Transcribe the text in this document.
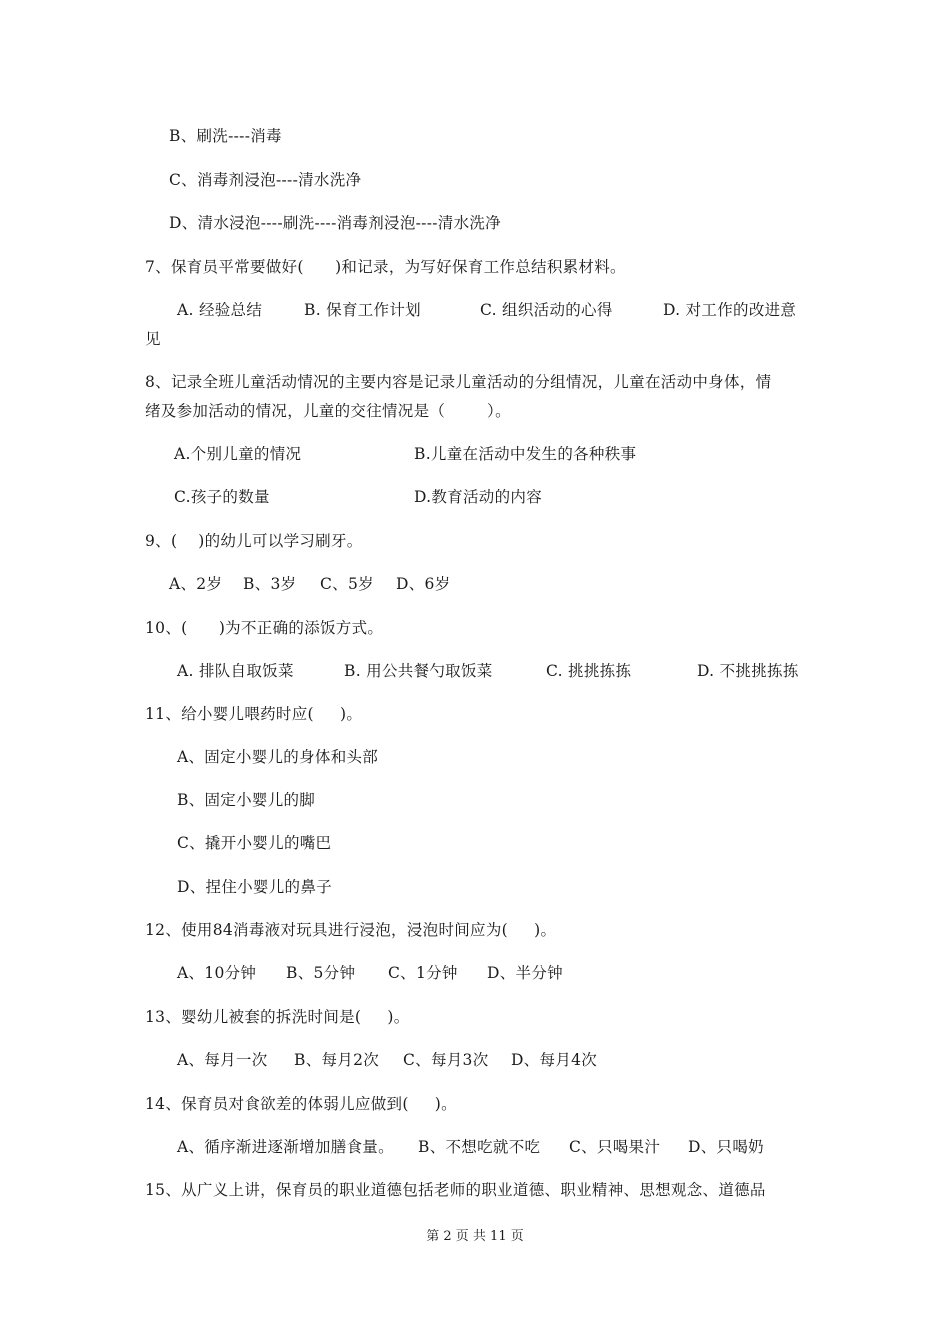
B、刷洗----消毒
C、消毒剂浸泡----清水洗净
D、清水浸泡----刷洗----消毒剂浸泡----清水洗净
7、保育员平常要做好(      )和记录，为写好保育工作总结积累材料。
A. 经验总结	B. 保育工作计划	C. 组织活动的心得	D. 对工作的改进意
见
8、记录全班儿童活动情况的主要内容是记录儿童活动的分组情况，儿童在活动中身体，情
绪及参加活动的情况，儿童的交往情况是（        ）。
A.个别儿童的情况	B.儿童在活动中发生的各种秩事
C.孩子的数量	D.教育活动的内容
9、(    )的幼儿可以学习刷牙。
A、2岁 B、3岁 C、5岁 D、6岁
10、(      )为不正确的添饭方式。
A. 排队自取饭菜	B. 用公共餐勺取饭菜	C. 挑挑拣拣	D. 不挑挑拣拣
11、给小婴儿喂药时应(     )。
A、固定小婴儿的身体和头部
B、固定小婴儿的脚
C、撬开小婴儿的嘴巴
D、捏住小婴儿的鼻子
12、使用84消毒液对玩具进行浸泡，浸泡时间应为(     )。
A、10分钟 B、5分钟 C、1分钟 D、半分钟
13、婴幼儿被套的拆洗时间是(     )。
A、每月一次 B、每月2次 C、每月3次 D、每月4次
14、保育员对食欲差的体弱儿应做到(     )。
A、循序渐进逐渐增加膳食量。 B、不想吃就不吃 C、只喝果汁 D、只喝奶
15、从广义上讲，保育员的职业道德包括老师的职业道德、职业精神、思想观念、道德品
第 2 页 共 11 页
